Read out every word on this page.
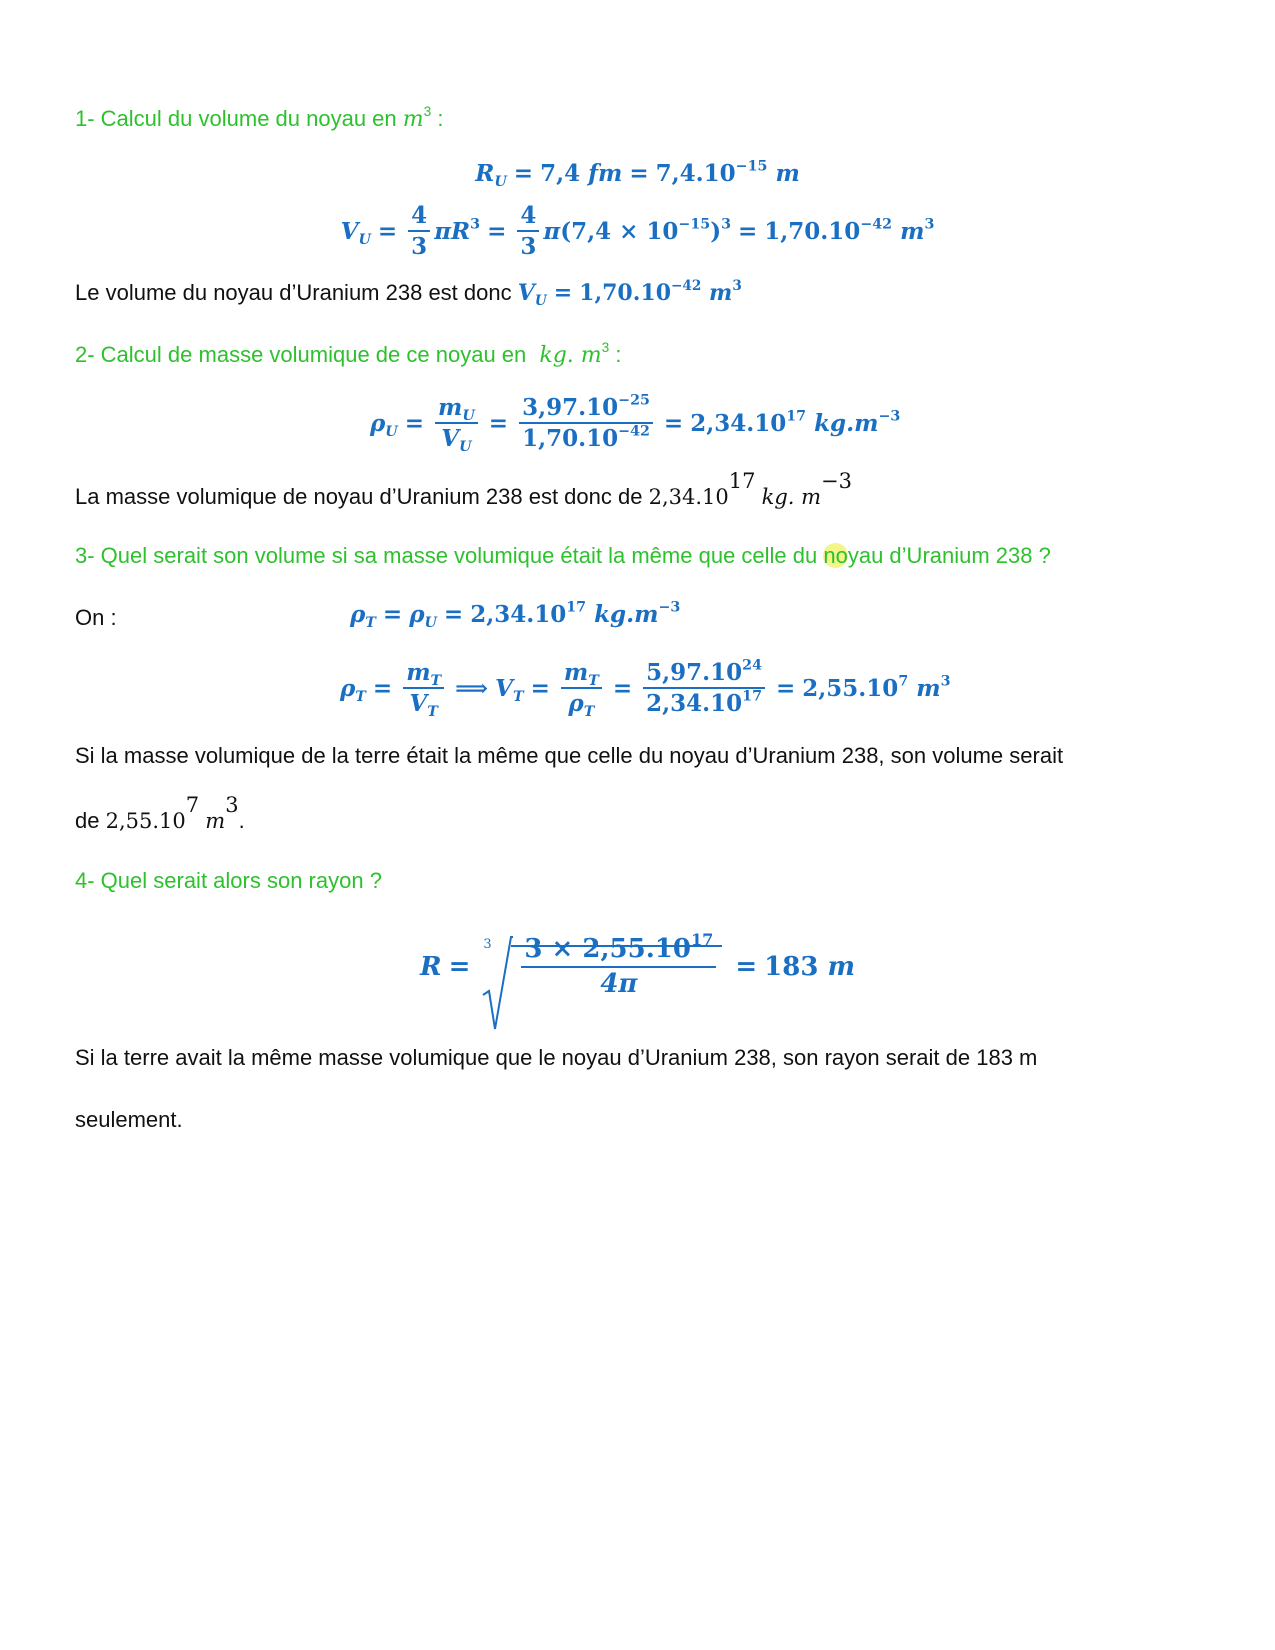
1- Calcul du volume du noyau en $m^3$ :
$R_U = 7,4$
fm = $7,4.10^{-15}$
m
$V_U = \frac{4}{3} \pi R^3 = \frac{4}{3}$ π $(7,4 \times 10^{-15})^3 = 1,70.10^{-42}$
$m^3$
Le volume du noyau d’Uranium 238 est donc $V_U = 1,70.10^{-42}$ $m^3$
2- Calcul de masse volumique de ce noyau en kg. $m^3$ :
$\rho_U = \frac{m_U}{V_U} = \frac{3,97.10^{-25}}{1,70.10^{-42}} = 2,34.10^{17}$
$kg.m^{-3}$
La masse volumique de noyau d’Uranium 238 est donc de 2,34.10$^{17}$ kg. $m^{-3}$
3- Quel serait son volume si sa masse volumique était la même que celle du noyau d’Uranium 238 ?
On :	$\rho_T = \rho_U = 2,34.10^{17}$
$kg.m^{-3}$
$\rho_T = \frac{m_T}{V_T}$ ⟹ $V_T = \frac{m_T}{\rho_T} = \frac{5,97.10^{24}}{2,34.10^{17}} = 2,55.10^7$
$m^3$
Si la masse volumique de la terre était la même que celle du noyau d’Uranium 238, son volume serait
de 2,55.10$^7$ $m^3$.
4- Quel serait alors son rayon ?
R =
$3 \frac{3 \times 2,55.10^{17}}{4\pi} = 183$
m
Si la terre avait la même masse volumique que le noyau d’Uranium 238, son rayon serait de 183 m
seulement.
